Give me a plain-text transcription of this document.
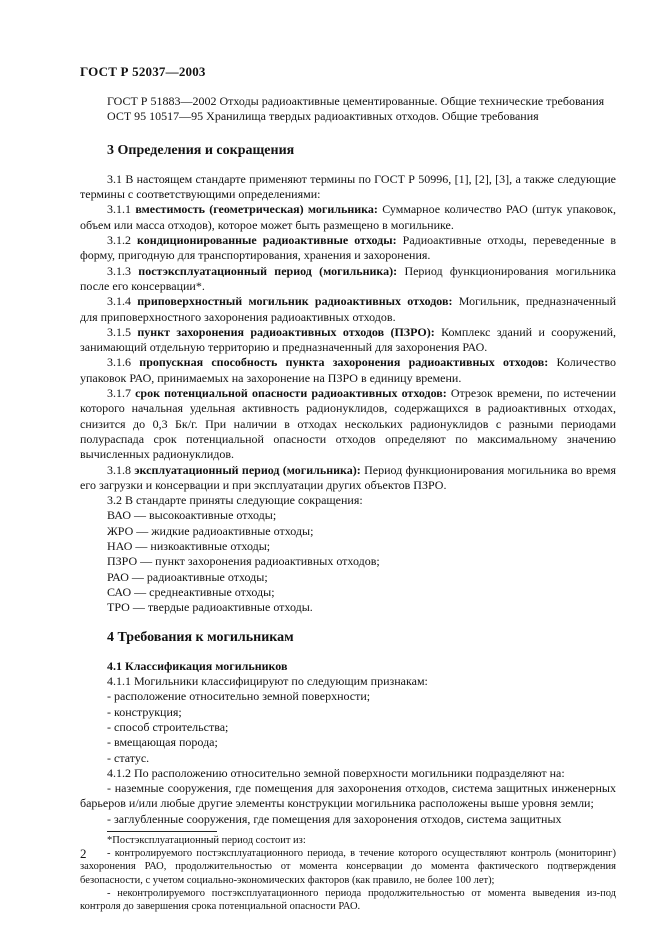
ГОСТ Р 52037—2003

ГОСТ Р 51883—2002 Отходы радиоактивные цементированные. Общие технические требования

ОСТ 95 10517—95 Хранилища твердых радиоактивных отходов. Общие требования

3 Определения и сокращения

3.1 В настоящем стандарте применяют термины по ГОСТ Р 50996, [1], [2], [3], а также следующие термины с соответствующими определениями:

3.1.1 вместимость (геометрическая) могильника: Суммарное количество РАО (штук упаковок, объем или масса отходов), которое может быть размещено в могильнике.

3.1.2 кондиционированные радиоактивные отходы: Радиоактивные отходы, переведенные в форму, пригодную для транспортирования, хранения и захоронения.

3.1.3 постэксплуатационный период (могильника): Период функционирования могильника после его консервации*.

3.1.4 приповерхностный могильник радиоактивных отходов: Могильник, предназначенный для приповерхностного захоронения радиоактивных отходов.

3.1.5 пункт захоронения радиоактивных отходов (ПЗРО): Комплекс зданий и сооружений, занимающий отдельную территорию и предназначенный для захоронения РАО.

3.1.6 пропускная способность пункта захоронения радиоактивных отходов: Количество упаковок РАО, принимаемых на захоронение на ПЗРО в единицу времени.

3.1.7 срок потенциальной опасности радиоактивных отходов: Отрезок времени, по истечении которого начальная удельная активность радионуклидов, содержащихся в радиоактивных отходах, снизится до 0,3 Бк/г. При наличии в отходах нескольких радионуклидов с разными периодами полураспада срок потенциальной опасности отходов определяют по максимальному значению вычисленных радионуклидов.

3.1.8 эксплуатационный период (могильника): Период функционирования могильника во время его загрузки и консервации и при эксплуатации других объектов ПЗРО.

3.2 В стандарте приняты следующие сокращения:

ВАО — высокоактивные отходы;

ЖРО — жидкие радиоактивные отходы;

НАО — низкоактивные отходы;

ПЗРО — пункт захоронения радиоактивных отходов;

РАО — радиоактивные отходы;

САО — среднеактивные отходы;

ТРО — твердые радиоактивные отходы.

4 Требования к могильникам

4.1 Классификация могильников

4.1.1 Могильники классифицируют по следующим признакам:

- расположение относительно земной поверхности;

- конструкция;

- способ строительства;

- вмещающая порода;

- статус.

4.1.2 По расположению относительно земной поверхности могильники подразделяют на:

- наземные сооружения, где помещения для захоронения отходов, система защитных инженерных барьеров и/или любые другие элементы конструкции могильника расположены выше уровня земли;

- заглубленные сооружения, где помещения для захоронения отходов, система защитных

*Постэксплуатационный период состоит из:

- контролируемого постэксплуатационного периода, в течение которого осуществляют контроль (мониторинг) захоронения РАО, продолжительностью от момента консервации до момента фактического подтверждения безопасности, с учетом социально-экономических факторов (как правило, не более 100 лет);

- неконтролируемого постэксплуатационного периода продолжительностью от момента выведения из-под контроля до завершения срока потенциальной опасности РАО.

2
